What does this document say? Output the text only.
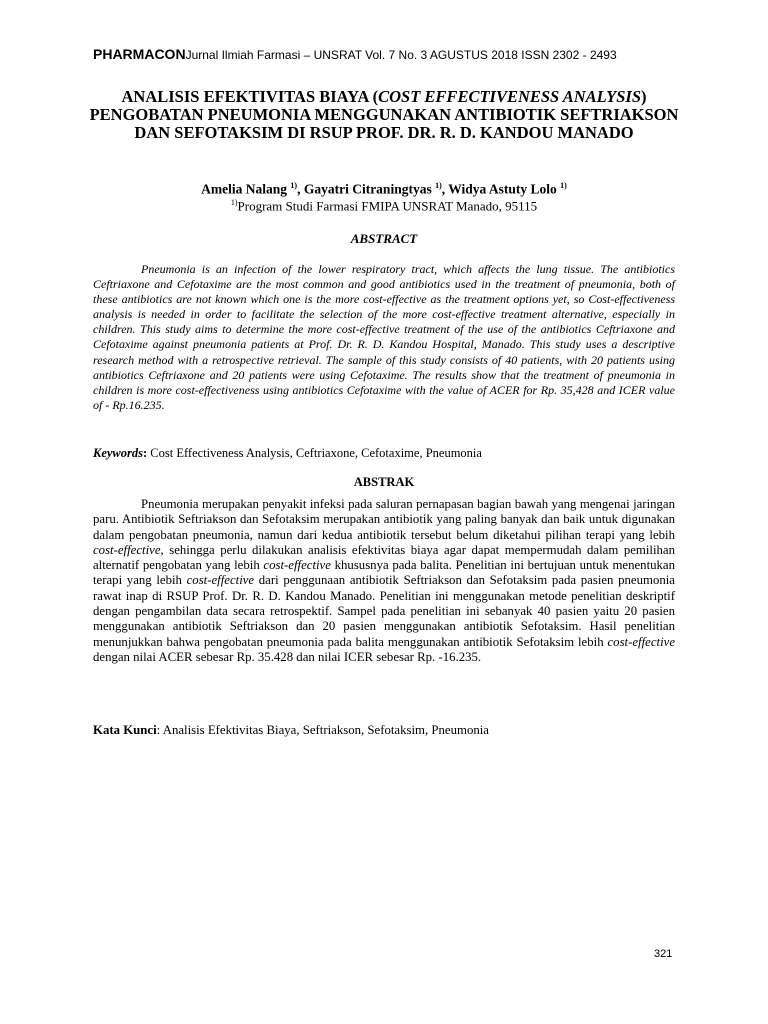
PHARMACONJurnal Ilmiah Farmasi – UNSRAT Vol. 7 No. 3 AGUSTUS 2018 ISSN 2302 - 2493
ANALISIS EFEKTIVITAS BIAYA (COST EFFECTIVENESS ANALYSIS) PENGOBATAN PNEUMONIA MENGGUNAKAN ANTIBIOTIK SEFTRIAKSON DAN SEFOTAKSIM DI RSUP PROF. DR. R. D. KANDOU MANADO
Amelia Nalang $^{1)}$, Gayatri Citraningtyas $^{1)}$, Widya Astuty Lolo $^{1)}$
$^{1)}$Program Studi Farmasi FMIPA UNSRAT Manado, 95115
ABSTRACT

Pneumonia is an infection of the lower respiratory tract, which affects the lung tissue. The antibiotics Ceftriaxone and Cefotaxime are the most common and good antibiotics used in the treatment of pneumonia, both of these antibiotics are not known which one is the more cost-effective as the treatment options yet, so Cost-effectiveness analysis is needed in order to facilitate the selection of the more cost-effective treatment alternative, especially in children. This study aims to determine the more cost-effective treatment of the use of the antibiotics Ceftriaxone and Cefotaxime against pneumonia patients at Prof. Dr. R. D. Kandou Hospital, Manado. This study uses a descriptive research method with a retrospective retrieval. The sample of this study consists of 40 patients, with 20 patients using antibiotics Ceftriaxone and 20 patients were using Cefotaxime. The results show that the treatment of pneumonia in children is more cost-effectiveness using antibiotics Cefotaxime with the value of ACER for Rp. 35,428 and ICER value of - Rp.16.235.

Keywords: Cost Effectiveness Analysis, Ceftriaxone, Cefotaxime, Pneumonia
ABSTRAK

Pneumonia merupakan penyakit infeksi pada saluran pernapasan bagian bawah yang mengenai jaringan paru. Antibiotik Seftriakson dan Sefotaksim merupakan antibiotik yang paling banyak dan baik untuk digunakan dalam pengobatan pneumonia, namun dari kedua antibiotik tersebut belum diketahui pilihan terapi yang lebih cost-effective, sehingga perlu dilakukan analisis efektivitas biaya agar dapat mempermudah dalam pemilihan alternatif pengobatan yang lebih cost-effective khususnya pada balita. Penelitian ini bertujuan untuk menentukan terapi yang lebih cost-effective dari penggunaan antibiotik Seftriakson dan Sefotaksim pada pasien pneumonia rawat inap di RSUP Prof. Dr. R. D. Kandou Manado. Penelitian ini menggunakan metode penelitian deskriptif dengan pengambilan data secara retrospektif. Sampel pada penelitian ini sebanyak 40 pasien yaitu 20 pasien menggunakan antibiotik Seftriakson dan 20 pasien menggunakan antibiotik Sefotaksim. Hasil penelitian menunjukkan bahwa pengobatan pneumonia pada balita menggunakan antibiotik Sefotaksim lebih cost-effective dengan nilai ACER sebesar Rp. 35.428 dan nilai ICER sebesar Rp. -16.235.

Kata Kunci: Analisis Efektivitas Biaya, Seftriakson, Sefotaksim, Pneumonia
321
